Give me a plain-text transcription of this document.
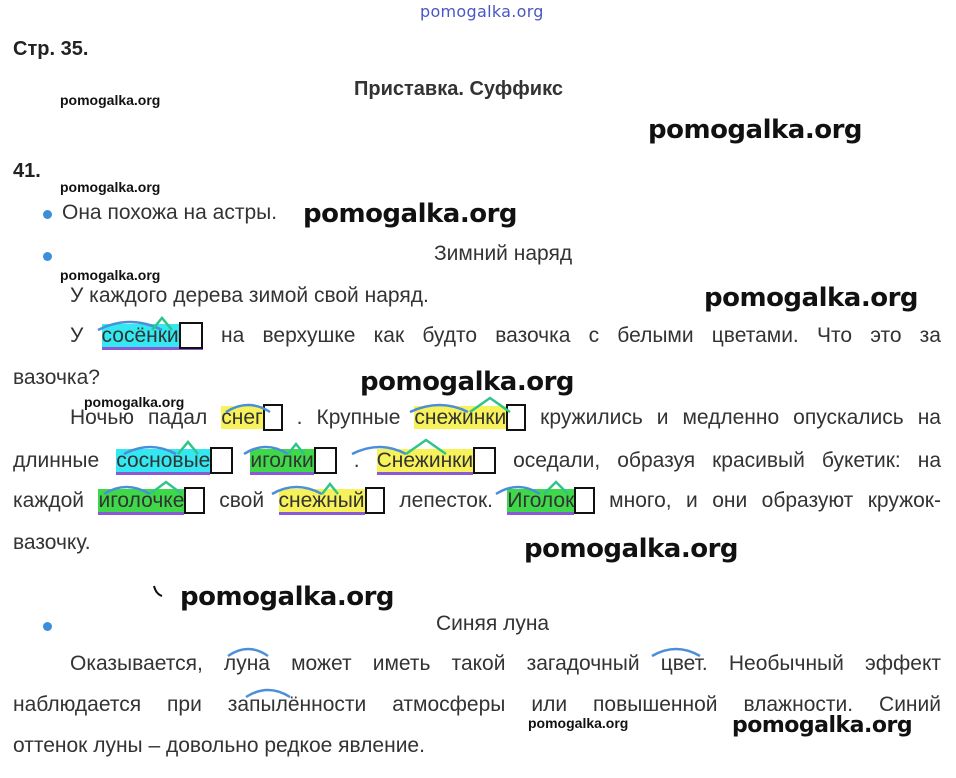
pomogalka.org
pomogalka.org
pomogalka.org
pomogalka.org
pomogalka.org
pomogalka.org
pomogalka.org
pomogalka.org
pomogalka.org
pomogalka.org
pomogalka.org	pomogalka.org
Стр. 35.
Приставка. Суффикс
41.
Она похожа на астры. pomogalka.org
Зимний наряд
У каждого дерева зимой свой наряд.
У сосёнки  на верхушке как будто вазочка с белыми цветами. Что это за
вазочка?
Ночью падал снег  . Крупные снежинки  кружились и медленно опускались на
длинные сосновые иголки  . Снежинки  оседали, образуя красивый букетик: на
каждой иголочке  свой снежный  лепесток. Иголок  много, и они образуют кружок-
вазочку.
Синяя луна
Оказывается, луна может иметь такой загадочный цвет. Необычный эффект
наблюдается при запылённости атмосферы или повышенной влажности. Синий
оттенок луны – довольно редкое явление.
